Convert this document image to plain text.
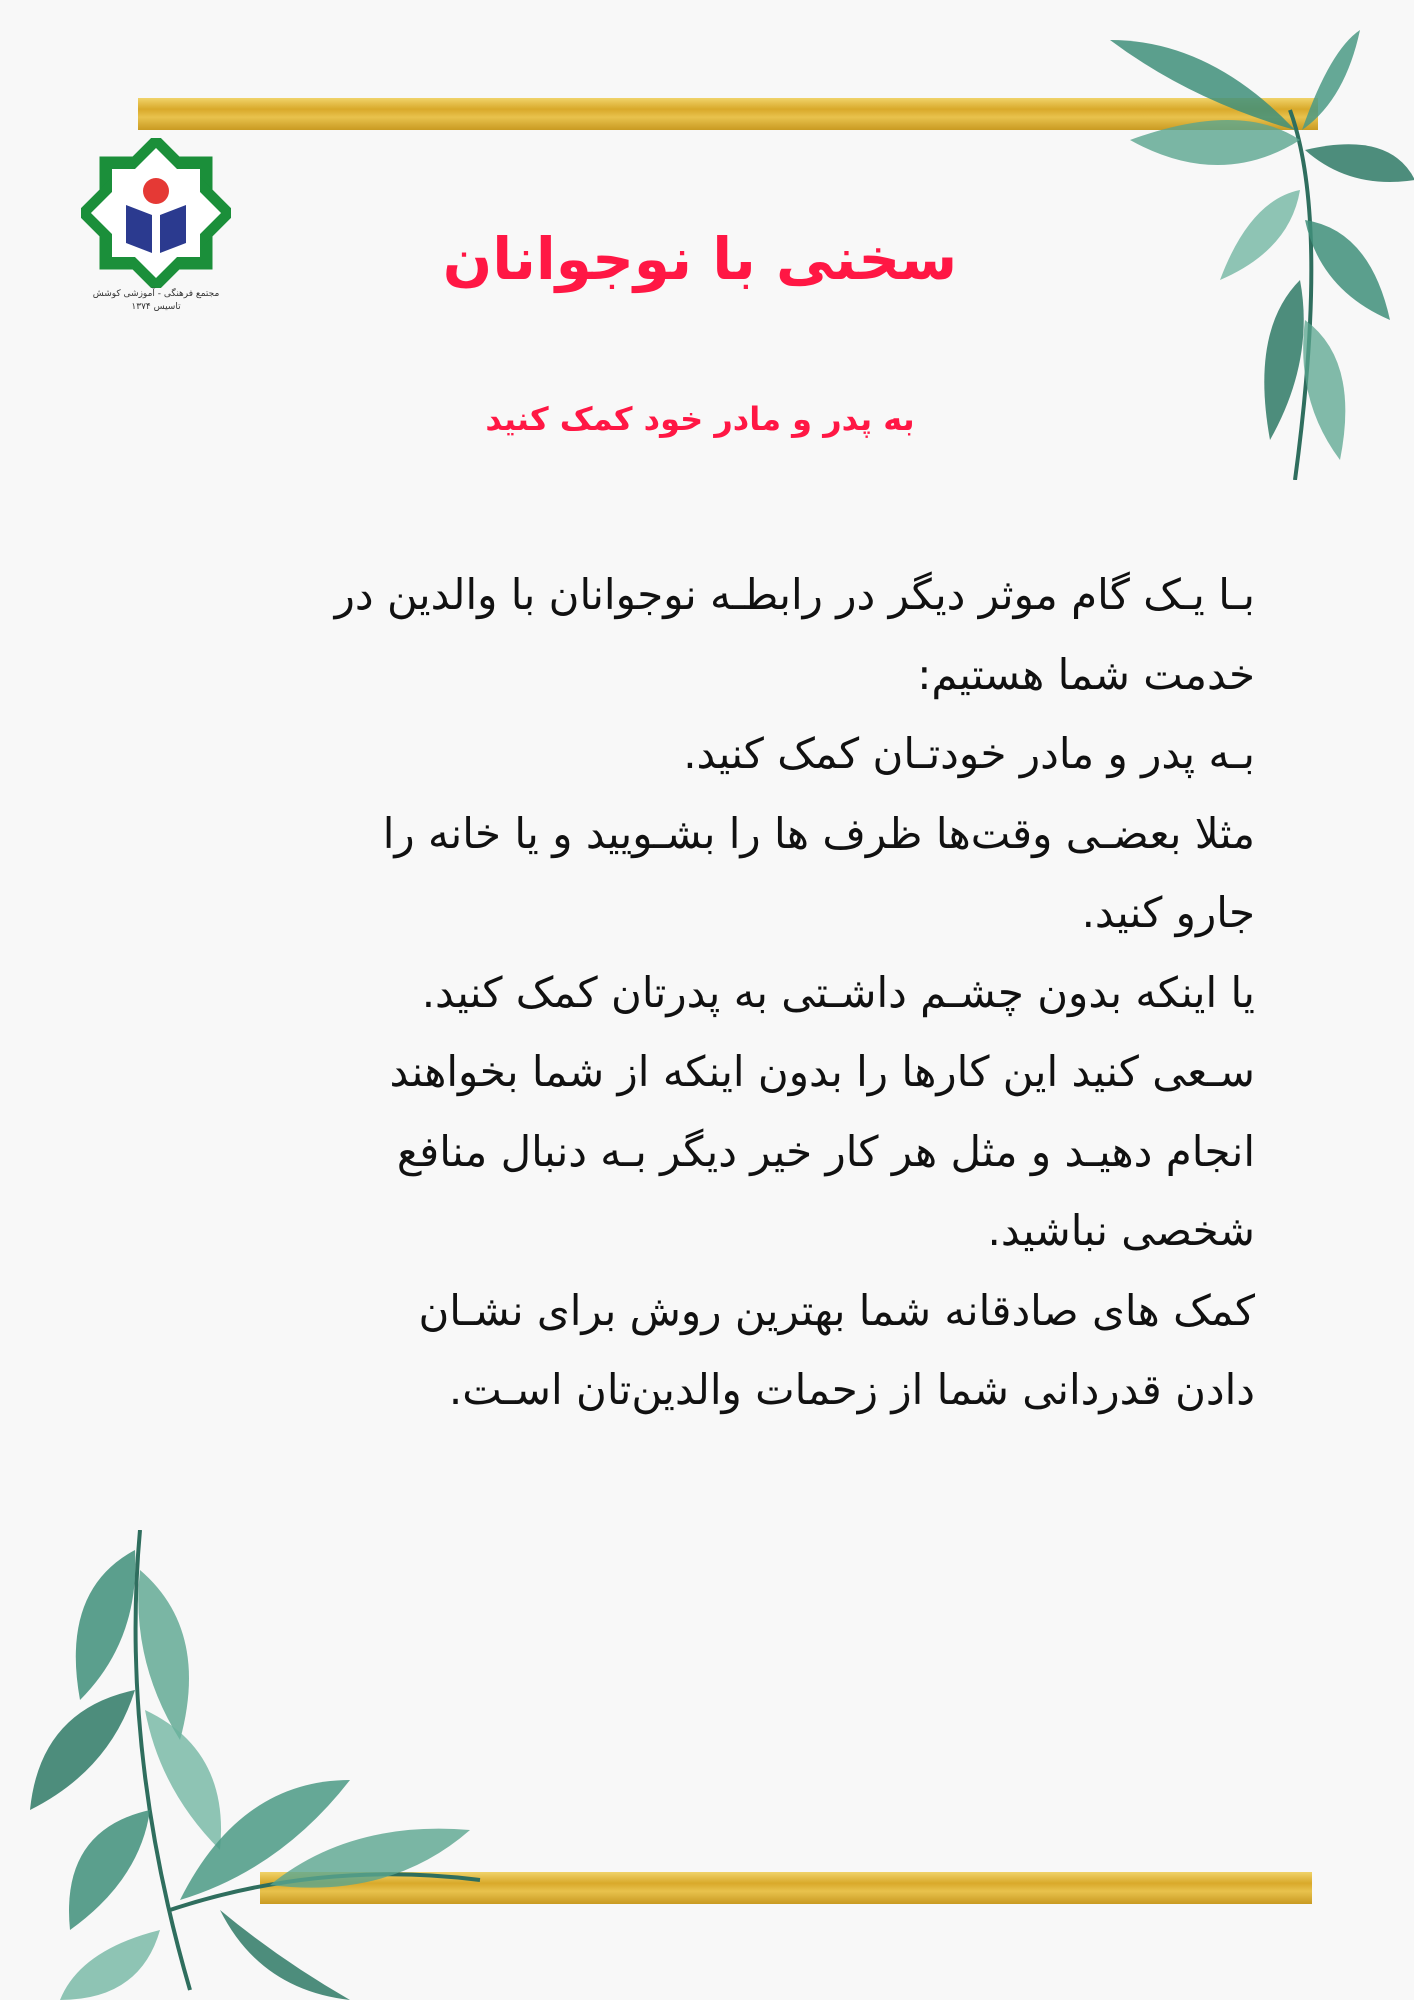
مجتمع فرهنگی - آموزشی کوشش
تاسیس ۱۳۷۴
سخنی با نوجوانان
به پدر و مادر خود کمک کنید
بـا یـک گام موثر دیگر در رابطـه نوجوانان با والدین در
خدمت شما هستیم:
بـه پدر و مادر خودتـان کمک کنید.
مثلا بعضـی وقت‌ها ظرف ها را بشـویید و یا خانه را
جارو کنید.
یا اینکه بدون چشـم داشـتی به پدرتان کمک کنید.
سـعی کنید این کارها را بدون اینکه از شما بخواهند
انجام دهیـد و مثل هر کار خیر دیگر بـه دنبال منافع
شخصی نباشید.
کمک های صادقانه شما بهترین روش برای نشـان
دادن قدردانی شما از زحمات والدین‌تان اسـت.
